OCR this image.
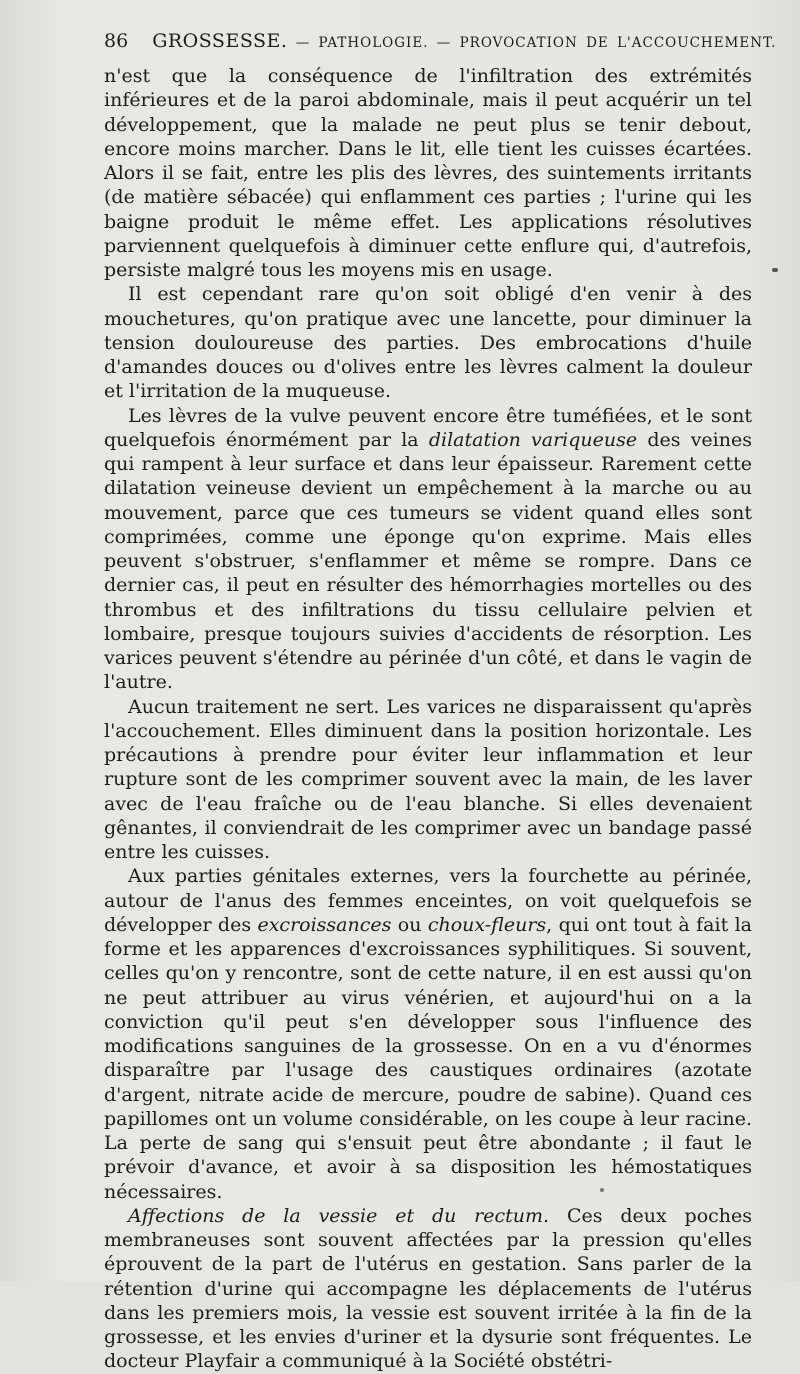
86 GROSSESSE. — PATHOLOGIE. — PROVOCATION DE L'ACCOUCHEMENT.

n'est que la conséquence de l'infiltration des extrémités inférieures et de la paroi abdominale, mais il peut acquérir un tel développement, que la malade ne peut plus se tenir debout, encore moins marcher. Dans le lit, elle tient les cuisses écartées. Alors il se fait, entre les plis des lèvres, des suintements irritants (de matière sébacée) qui enflamment ces parties ; l'urine qui les baigne produit le même effet. Les applications résolutives parviennent quelquefois à diminuer cette enflure qui, d'autrefois, persiste malgré tous les moyens mis en usage.

Il est cependant rare qu'on soit obligé d'en venir à des mouchetures, qu'on pratique avec une lancette, pour diminuer la tension douloureuse des parties. Des embrocations d'huile d'amandes douces ou d'olives entre les lèvres calment la douleur et l'irritation de la muqueuse.

Les lèvres de la vulve peuvent encore être tuméfiées, et le sont quelquefois énormément par la dilatation variqueuse des veines qui rampent à leur surface et dans leur épaisseur. Rarement cette dilatation veineuse devient un empêchement à la marche ou au mouvement, parce que ces tumeurs se vident quand elles sont comprimées, comme une éponge qu'on exprime. Mais elles peuvent s'obstruer, s'enflammer et même se rompre. Dans ce dernier cas, il peut en résulter des hémorrhagies mortelles ou des thrombus et des infiltrations du tissu cellulaire pelvien et lombaire, presque toujours suivies d'accidents de résorption. Les varices peuvent s'étendre au périnée d'un côté, et dans le vagin de l'autre.

Aucun traitement ne sert. Les varices ne disparaissent qu'après l'accouchement. Elles diminuent dans la position horizontale. Les précautions à prendre pour éviter leur inflammation et leur rupture sont de les comprimer souvent avec la main, de les laver avec de l'eau fraîche ou de l'eau blanche. Si elles devenaient gênantes, il conviendrait de les comprimer avec un bandage passé entre les cuisses.

Aux parties génitales externes, vers la fourchette au périnée, autour de l'anus des femmes enceintes, on voit quelquefois se développer des excroissances ou choux-fleurs, qui ont tout à fait la forme et les apparences d'excroissances syphilitiques. Si souvent, celles qu'on y rencontre, sont de cette nature, il en est aussi qu'on ne peut attribuer au virus vénérien, et aujourd'hui on a la conviction qu'il peut s'en développer sous l'influence des modifications sanguines de la grossesse. On en a vu d'énormes disparaître par l'usage des caustiques ordinaires (azotate d'argent, nitrate acide de mercure, poudre de sabine). Quand ces papillomes ont un volume considérable, on les coupe à leur racine. La perte de sang qui s'ensuit peut être abondante ; il faut le prévoir d'avance, et avoir à sa disposition les hémostatiques nécessaires.

Affections de la vessie et du rectum. Ces deux poches membraneuses sont souvent affectées par la pression qu'elles éprouvent de la part de l'utérus en gestation. Sans parler de la rétention d'urine qui accompagne les déplacements de l'utérus dans les premiers mois, la vessie est souvent irritée à la fin de la grossesse, et les envies d'uriner et la dysurie sont fréquentes. Le docteur Playfair a communiqué à la Société obstétri-
